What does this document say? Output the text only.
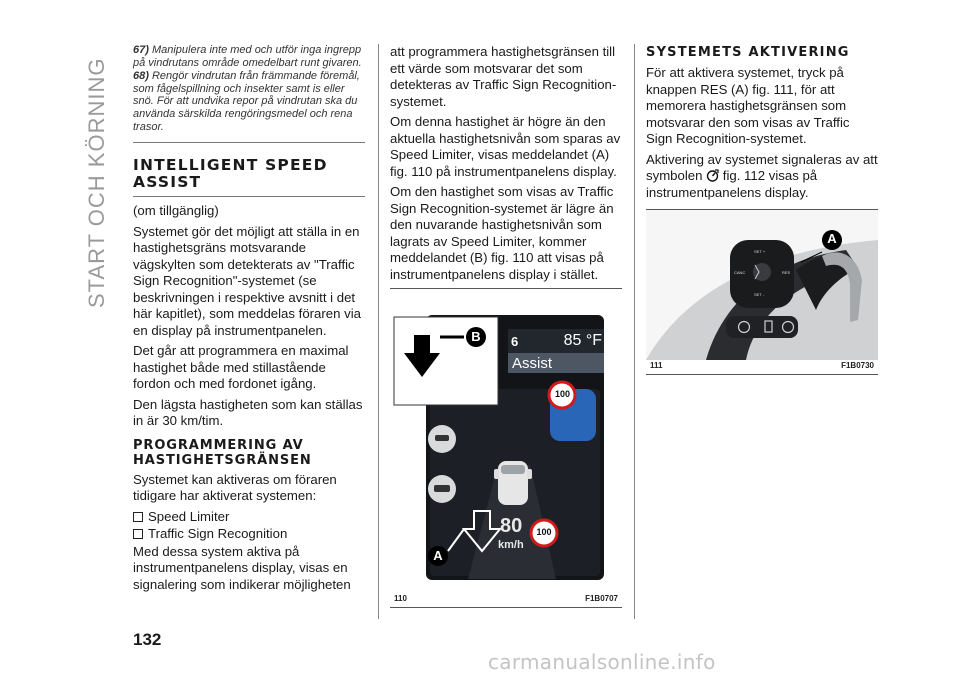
START OCH KÖRNING

67) Manipulera inte med och utför inga ingrepp på vindrutans område omedelbart runt givaren.

68) Rengör vindrutan från främmande föremål, som fågelspillning och insekter samt is eller snö. För att undvika repor på vindrutan ska du använda särskilda rengöringsmedel och rena trasor.

INTELLIGENT SPEED ASSIST

(om tillgänglig)

Systemet gör det möjligt att ställa in en hastighetsgräns motsvarande vägskylten som detekterats av "Traffic Sign Recognition"-systemet (se beskrivningen i respektive avsnitt i det här kapitlet), som meddelas föraren via en display på instrumentpanelen.

Det går att programmera en maximal hastighet både med stillastående fordon och med fordonet igång.

Den lägsta hastigheten som kan ställas in är 30 km/tim.

PROGRAMMERING AV HASTIGHETSGRÄNSEN

Systemet kan aktiveras om föraren tidigare har aktiverat systemen:

Speed Limiter
Traffic Sign Recognition

Med dessa system aktiva på instrumentpanelens display, visas en signalering som indikerar möjligheten

att programmera hastighetsgränsen till ett värde som motsvarar det som detekteras av Traffic Sign Recognition-systemet.

Om denna hastighet är högre än den aktuella hastighetsnivån som sparas av Speed Limiter, visas meddelandet (A) fig. 110 på instrumentpanelens display.

Om den hastighet som visas av Traffic Sign Recognition-systemet är lägre än den nuvarande hastighetsnivån som lagrats av Speed Limiter, kommer meddelandet (B) fig. 110 att visas på instrumentpanelens display i stället.

85 °F
6
Assist
100
100
80
km/h
B
A
110	F1B0707
SYSTEMETS AKTIVERING

För att aktivera systemet, tryck på knappen RES (A) fig. 111, för att memorera hastighetsgränsen som motsvarar den som visas av Traffic Sign Recognition-systemet.

Aktivering av systemet signaleras av att symbolen fig. 112 visas på instrumentpanelens display.

SET +
SET -
CANC	RES
A
111	F1B0730
132
carmanualsonline.info
